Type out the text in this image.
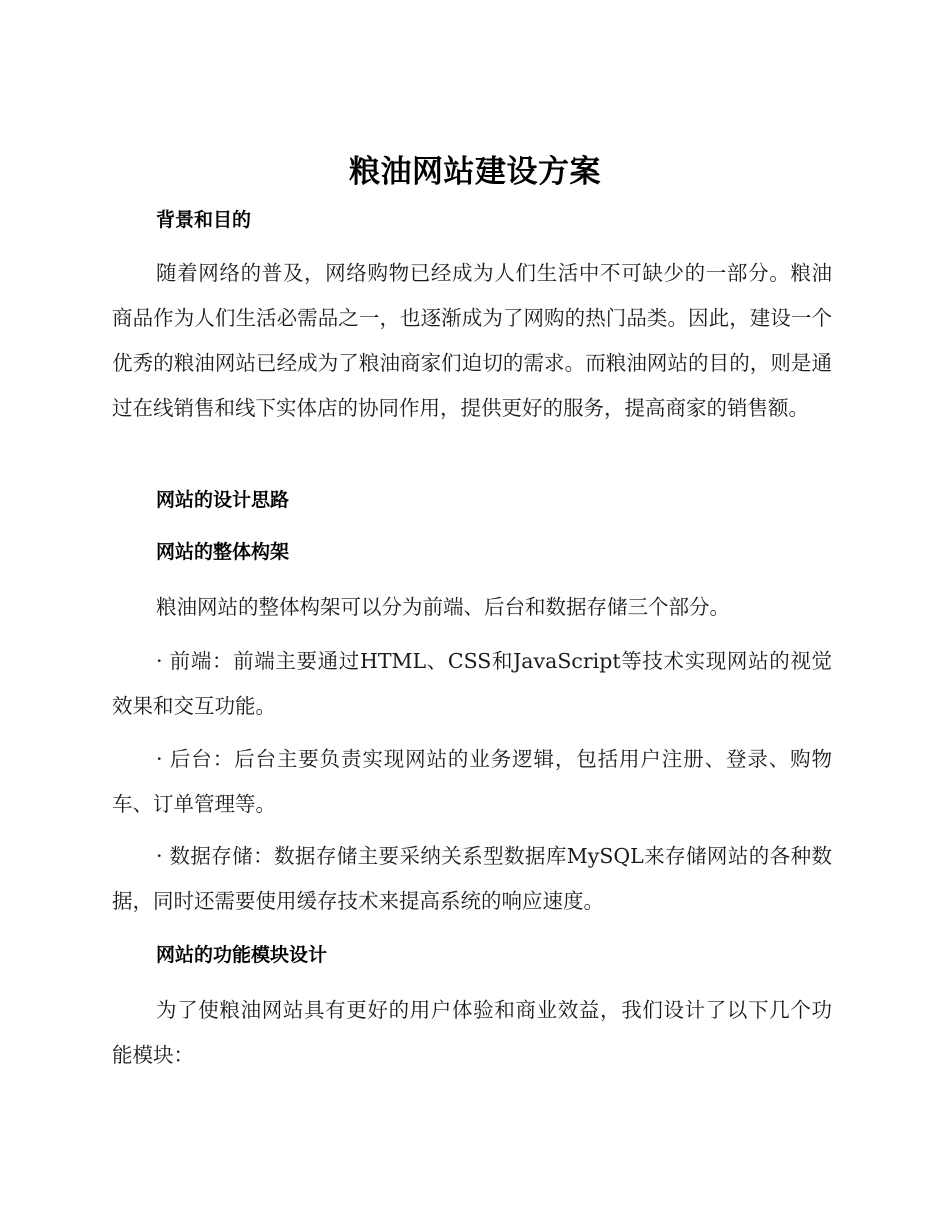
粮油网站建设方案
背景和目的
随着网络的普及，网络购物已经成为人们生活中不可缺少的一部分。粮油商品作为人们生活必需品之一，也逐渐成为了网购的热门品类。因此，建设一个优秀的粮油网站已经成为了粮油商家们迫切的需求。而粮油网站的目的，则是通过在线销售和线下实体店的协同作用，提供更好的服务，提高商家的销售额。
网站的设计思路
网站的整体构架
粮油网站的整体构架可以分为前端、后台和数据存储三个部分。
· 前端：前端主要通过HTML、CSS和JavaScript等技术实现网站的视觉效果和交互功能。
· 后台：后台主要负责实现网站的业务逻辑，包括用户注册、登录、购物车、订单管理等。
· 数据存储：数据存储主要采纳关系型数据库MySQL来存储网站的各种数据，同时还需要使用缓存技术来提高系统的响应速度。
网站的功能模块设计
为了使粮油网站具有更好的用户体验和商业效益，我们设计了以下几个功能模块：
